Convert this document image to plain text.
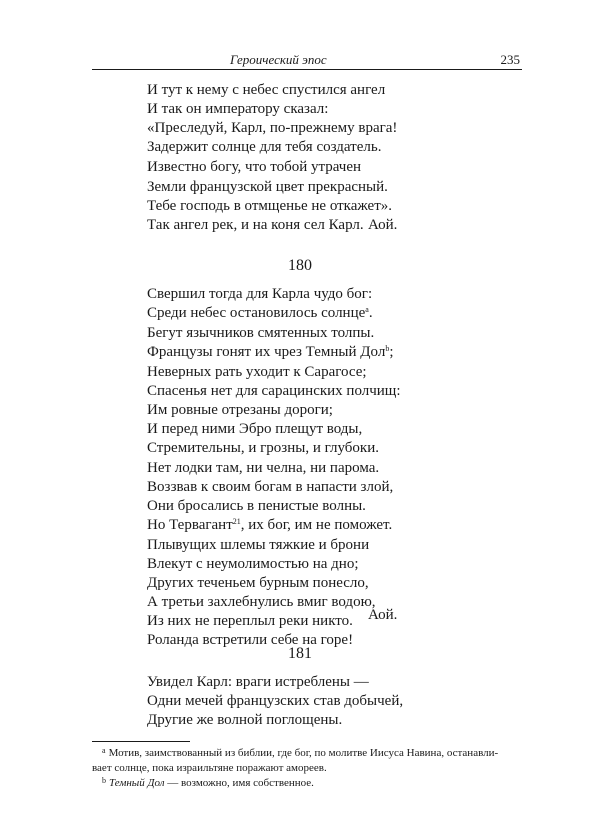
Героический эпос	235
И тут к нему с небес спустился ангел
И так он императору сказал:
«Преследуй, Карл, по-прежнему врага!
Задержит солнце для тебя создатель.
Известно богу, что тобой утрачен
Земли французской цвет прекрасный.
Тебе господь в отмщенье не откажет».
Так ангел рек, и на коня сел Карл. Аой.
180
Свершил тогда для Карла чудо бог:
Среди небес остановилось солнце$^а$.
Бегут язычников смятенных толпы.
Французы гонят их чрез Темный Дол$^b$;
Неверных рать уходит к Сарагосе;
Спасенья нет для сарацинских полчищ:
Им ровные отрезаны дороги;
И перед ними Эбро плещут воды,
Стремительны, и грозны, и глубоки.
Нет лодки там, ни челна, ни парома.
Воззвав к своим богам в напасти злой,
Они бросались в пенистые волны.
Но Тервагант$^{21}$, их бог, им не поможет.
Плывущих шлемы тяжкие и брони
Влекут с неумолимостью на дно;
Других теченьем бурным понесло,
А третьи захлебнулись вмиг водою,
Из них не переплыл реки никто.
Роланда встретили себе на горе!
Аой.
181
Увидел Карл: враги истреблены —
Одни мечей французских став добычей,
Другие же волной поглощены.
$^а$ Мотив, заимствованный из библии, где бог, по молитве Иисуса Навина, останавли-
вает солнце, пока израильтяне поражают амореев.
$^b$ Темный Дол — возможно, имя собственное.
